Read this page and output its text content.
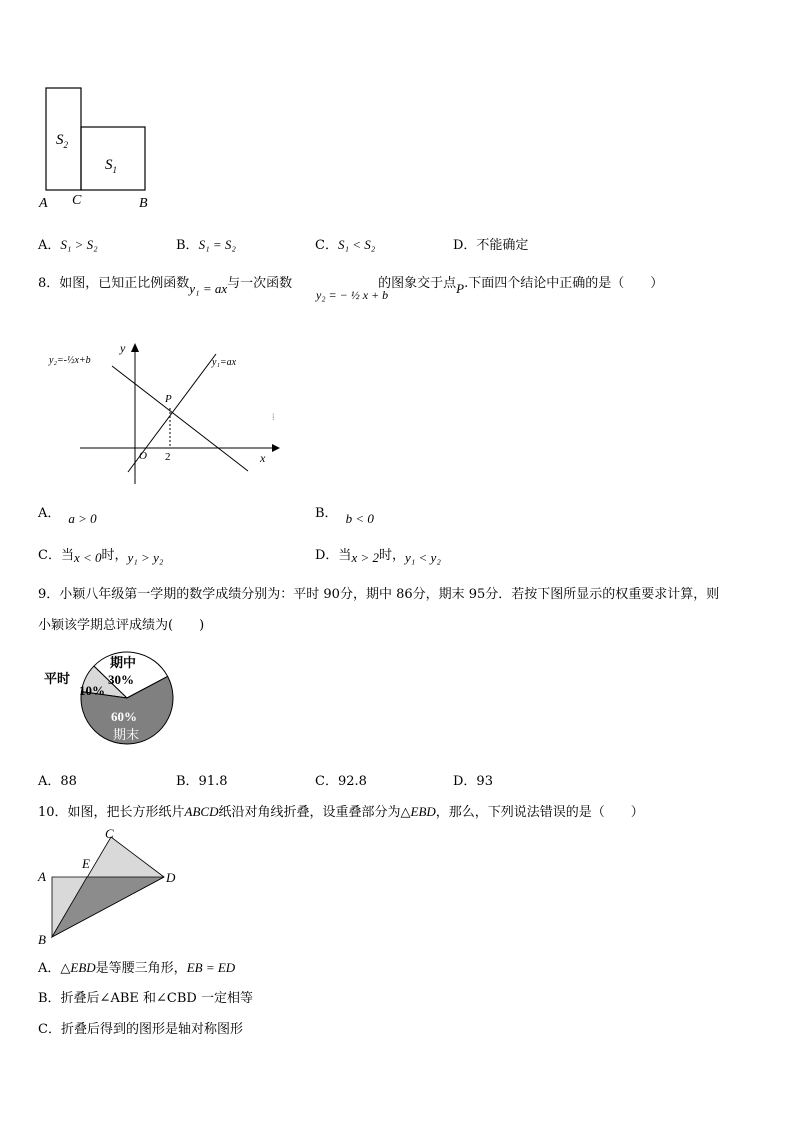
$S_2$
$S_1$
A C	B
A．S₁ > S₂	B．S₁ = S₂	C．S₁ < S₂	D．不能确定
8．如图，已知正比例函数y₁ = ax与一次函数	的图象交于点P.下面四个结论中正确的是（　　）
y₂ = − ½ x + b
y₂=-½x+b	y₁=ax
y
x
O 2
P
⁞
A． a > 0	B． b < 0
C．当x < 0时，y₁ > y₂	D．当x > 2时，y₁ < y₂
9．小颖八年级第一学期的数学成绩分别为：平时 90分，期中 86分，期末 95分．若按下图所显示的权重要求计算，则
小颖该学期总评成绩为(　　)
平时
10%
期中
30%
60%
期末
A．88	B．91.8	C．92.8	D．93
10．如图，把长方形纸片ABCD纸沿对角线折叠，设重叠部分为△EBD，那么，下列说法错误的是（　　）
A
B
C
D
E
A．△EBD是等腰三角形，EB = ED
B．折叠后∠ABE 和∠CBD 一定相等
C．折叠后得到的图形是轴对称图形
